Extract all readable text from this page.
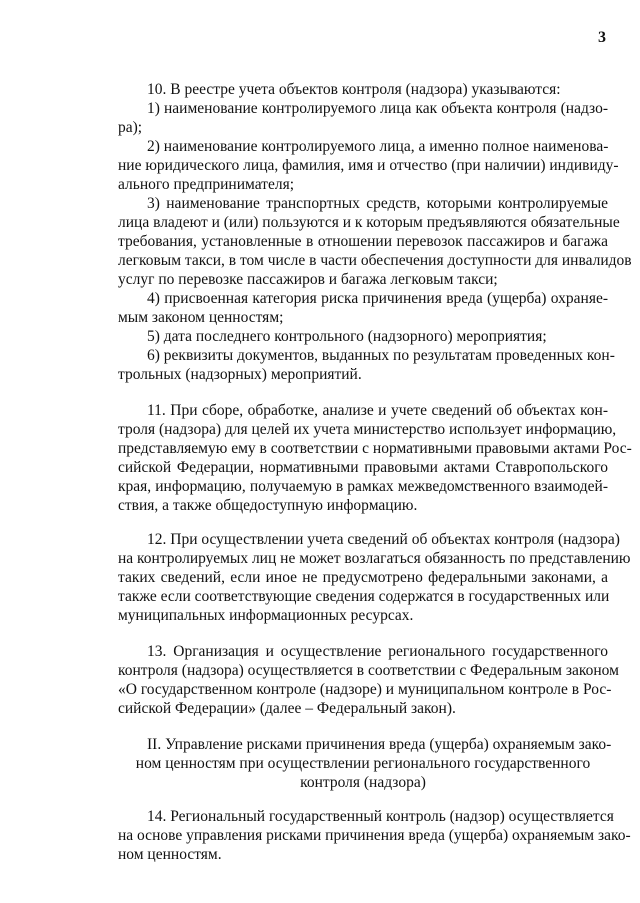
3
10. В реестре учета объектов контроля (надзора) указываются:
1) наименование контролируемого лица как объекта контроля (надзо-
ра);
2) наименование контролируемого лица, а именно полное наименова-
ние юридического лица, фамилия, имя и отчество (при наличии) индивиду-
ального предпринимателя;
3) наименование транспортных средств, которыми контролируемые
лица владеют и (или) пользуются и к которым предъявляются обязательные
требования, установленные в отношении перевозок пассажиров и багажа
легковым такси, в том числе в части обеспечения доступности для инвалидов
услуг по перевозке пассажиров и багажа легковым такси;
4) присвоенная категория риска причинения вреда (ущерба) охраняе-
мым законом ценностям;
5) дата последнего контрольного (надзорного) мероприятия;
6) реквизиты документов, выданных по результатам проведенных кон-
трольных (надзорных) мероприятий.
11. При сборе, обработке, анализе и учете сведений об объектах кон-
троля (надзора) для целей их учета министерство использует информацию,
представляемую ему в соответствии с нормативными правовыми актами Рос-
сийской Федерации, нормативными правовыми актами Ставропольского
края, информацию, получаемую в рамках межведомственного взаимодей-
ствия, а также общедоступную информацию.
12. При осуществлении учета сведений об объектах контроля (надзора)
на контролируемых лиц не может возлагаться обязанность по представлению
таких сведений, если иное не предусмотрено федеральными законами, а
также если соответствующие сведения содержатся в государственных или
муниципальных информационных ресурсах.
13. Организация и осуществление регионального государственного
контроля (надзора) осуществляется в соответствии с Федеральным законом
«О государственном контроле (надзоре) и муниципальном контроле в Рос-
сийской Федерации» (далее – Федеральный закон).
II. Управление рисками причинения вреда (ущерба) охраняемым зако-
ном ценностям при осуществлении регионального государственного
контроля (надзора)
14. Региональный государственный контроль (надзор) осуществляется
на основе управления рисками причинения вреда (ущерба) охраняемым зако-
ном ценностям.
